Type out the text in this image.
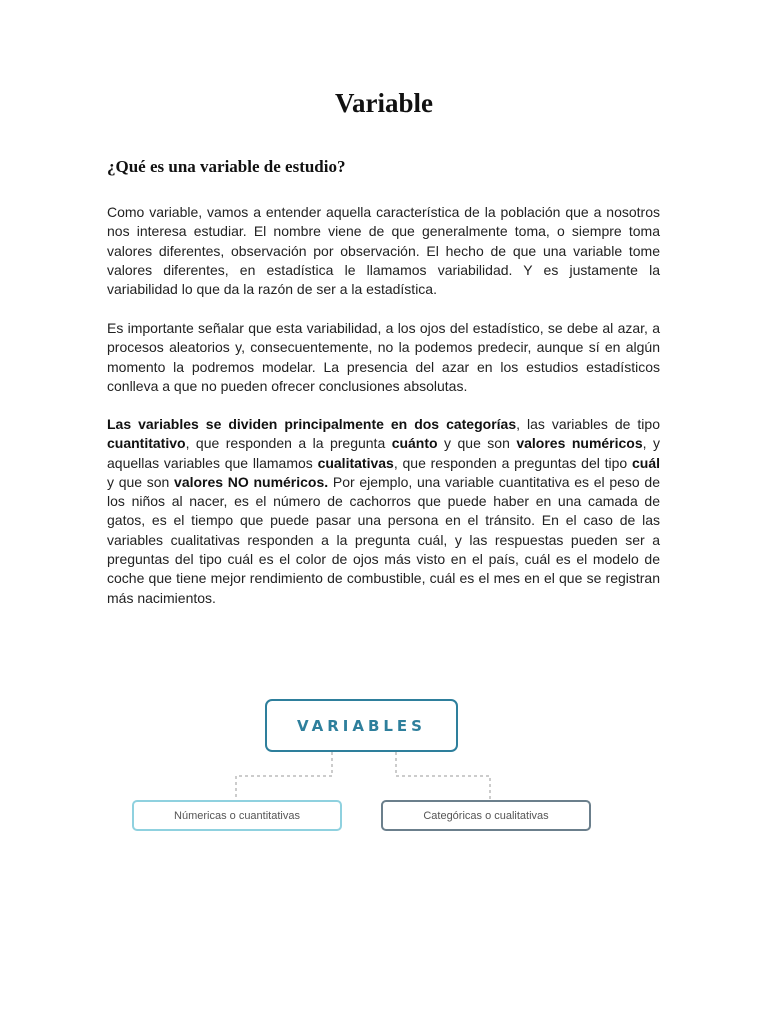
Variable
¿Qué es una variable de estudio?

Como variable, vamos a entender aquella característica de la población que a nosotros nos interesa estudiar. El nombre viene de que generalmente toma, o siempre toma valores diferentes, observación por observación. El hecho de que una variable tome valores diferentes, en estadística le llamamos variabilidad. Y es justamente la variabilidad lo que da la razón de ser a la estadística.

Es importante señalar que esta variabilidad, a los ojos del estadístico, se debe al azar, a procesos aleatorios y, consecuentemente, no la podemos predecir, aunque sí en algún momento la podremos modelar. La presencia del azar en los estudios estadísticos conlleva a que no pueden ofrecer conclusiones absolutas.

Las variables se dividen principalmente en dos categorías, las variables de tipo cuantitativo, que responden a la pregunta cuánto y que son valores numéricos, y aquellas variables que llamamos cualitativas, que responden a preguntas del tipo cuál y que son valores NO numéricos. Por ejemplo, una variable cuantitativa es el peso de los niños al nacer, es el número de cachorros que puede haber en una camada de gatos, es el tiempo que puede pasar una persona en el tránsito. En el caso de las variables cualitativas responden a la pregunta cuál, y las respuestas pueden ser a preguntas del tipo cuál es el color de ojos más visto en el país, cuál es el modelo de coche que tiene mejor rendimiento de combustible, cuál es el mes en el que se registran más nacimientos.

VARIABLES
Númericas o cuantitativas	Categóricas o cualitativas
